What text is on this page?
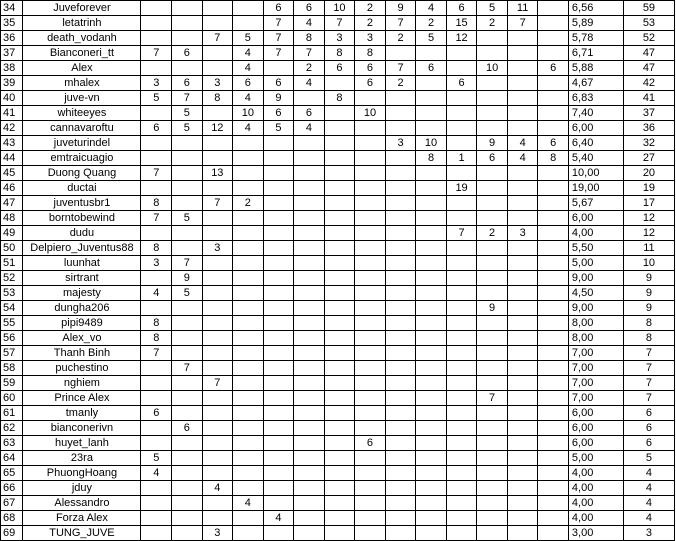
34	Juveforever					6	6	10	2	9	4	6	5	11		6,56	59
35	letatrinh					7	4	7	2	7	2	15	2	7		5,89	53
36	death_vodanh			7	5	7	8	3	3	2	5	12				5,78	52
37	Bianconeri_tt	7	6		4	7	7	8	8							6,71	47
38	Alex				4		2	6	6	7	6		10		6	5,88	47
39	mhalex	3	6	3	6	6	4		6	2		6				4,67	42
40	juve-vn	5	7	8	4	9		8								6,83	41
41	whiteeyes		5		10	6	6		10							7,40	37
42	cannavaroftu	6	5	12	4	5	4									6,00	36
43	juveturindel									3	10		9	4	6	6,40	32
44	emtraicuagio										8	1	6	4	8	5,40	27
45	Duong Quang	7		13												10,00	20
46	ductai											19				19,00	19
47	juventusbr1	8		7	2											5,67	17
48	borntobewind	7	5													6,00	12
49	dudu											7	2	3		4,00	12
50	Delpiero_Juventus88	8		3												5,50	11
51	luunhat	3	7													5,00	10
52	sirtrant		9													9,00	9
53	majesty	4	5													4,50	9
54	dungha206												9			9,00	9
55	pipi9489	8														8,00	8
56	Alex_vo	8														8,00	8
57	Thanh Binh	7														7,00	7
58	puchestino		7													7,00	7
59	nghiem			7												7,00	7
60	Prince Alex												7			7,00	7
61	tmanly	6														6,00	6
62	bianconerivn		6													6,00	6
63	huyet_lanh								6							6,00	6
64	23ra	5														5,00	5
65	PhuongHoang	4														4,00	4
66	jduy			4												4,00	4
67	Alessandro				4											4,00	4
68	Forza Alex					4										4,00	4
69	TUNG_JUVE			3												3,00	3
